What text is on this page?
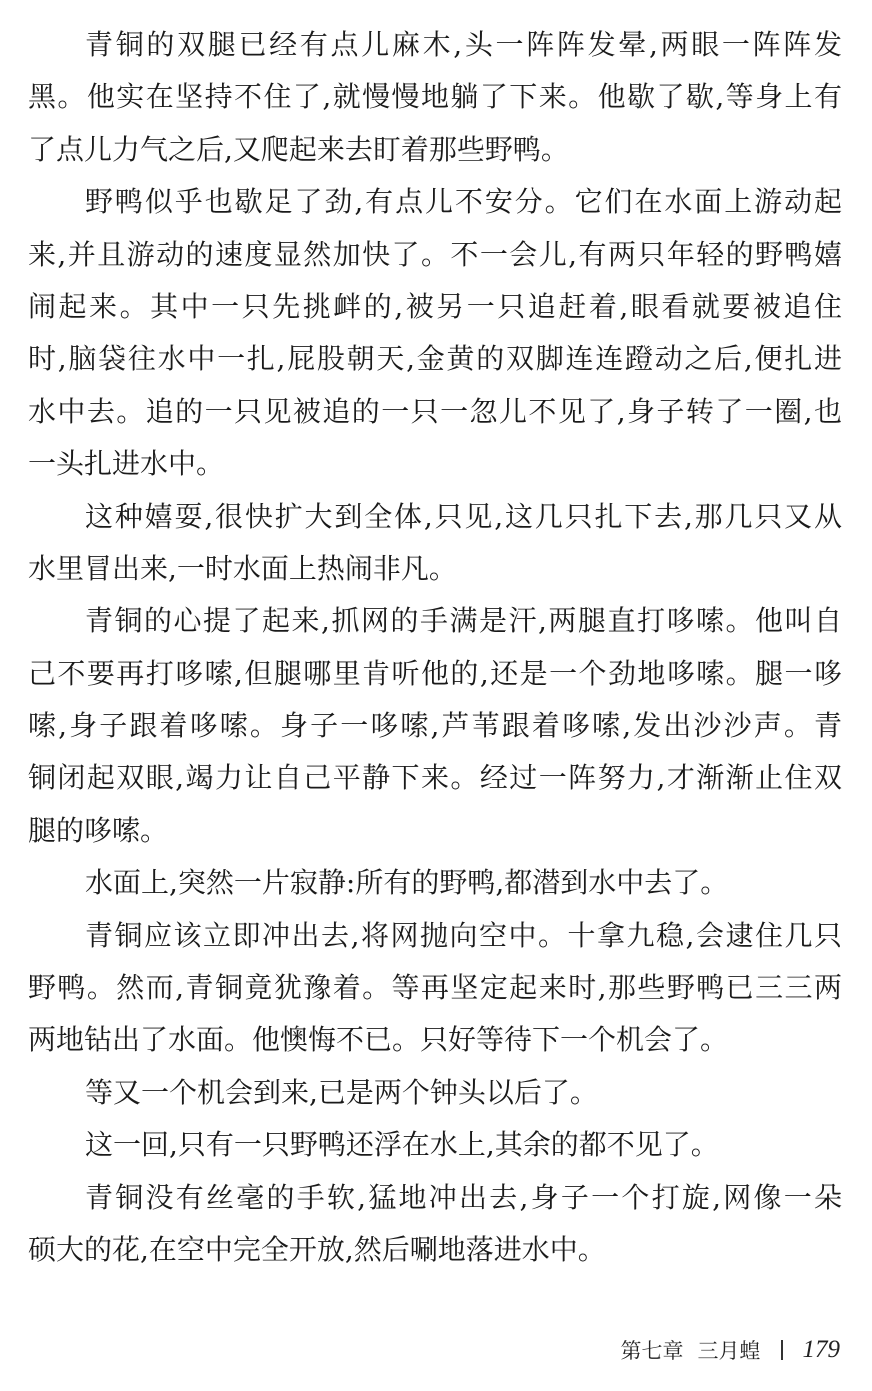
青铜的双腿已经有点儿麻木,头一阵阵发晕,两眼一阵阵发
黑。他实在坚持不住了,就慢慢地躺了下来。他歇了歇,等身上有
了点儿力气之后,又爬起来去盯着那些野鸭。
野鸭似乎也歇足了劲,有点儿不安分。它们在水面上游动起
来,并且游动的速度显然加快了。不一会儿,有两只年轻的野鸭嬉
闹起来。其中一只先挑衅的,被另一只追赶着,眼看就要被追住
时,脑袋往水中一扎,屁股朝天,金黄的双脚连连蹬动之后,便扎进
水中去。追的一只见被追的一只一忽儿不见了,身子转了一圈,也
一头扎进水中。
这种嬉耍,很快扩大到全体,只见,这几只扎下去,那几只又从
水里冒出来,一时水面上热闹非凡。
青铜的心提了起来,抓网的手满是汗,两腿直打哆嗦。他叫自
己不要再打哆嗦,但腿哪里肯听他的,还是一个劲地哆嗦。腿一哆
嗦,身子跟着哆嗦。身子一哆嗦,芦苇跟着哆嗦,发出沙沙声。青
铜闭起双眼,竭力让自己平静下来。经过一阵努力,才渐渐止住双
腿的哆嗦。
水面上,突然一片寂静:所有的野鸭,都潜到水中去了。
青铜应该立即冲出去,将网抛向空中。十拿九稳,会逮住几只
野鸭。然而,青铜竟犹豫着。等再坚定起来时,那些野鸭已三三两
两地钻出了水面。他懊悔不已。只好等待下一个机会了。
等又一个机会到来,已是两个钟头以后了。
这一回,只有一只野鸭还浮在水上,其余的都不见了。
青铜没有丝毫的手软,猛地冲出去,身子一个打旋,网像一朵
硕大的花,在空中完全开放,然后唰地落进水中。
第七章 三月蝗 179
